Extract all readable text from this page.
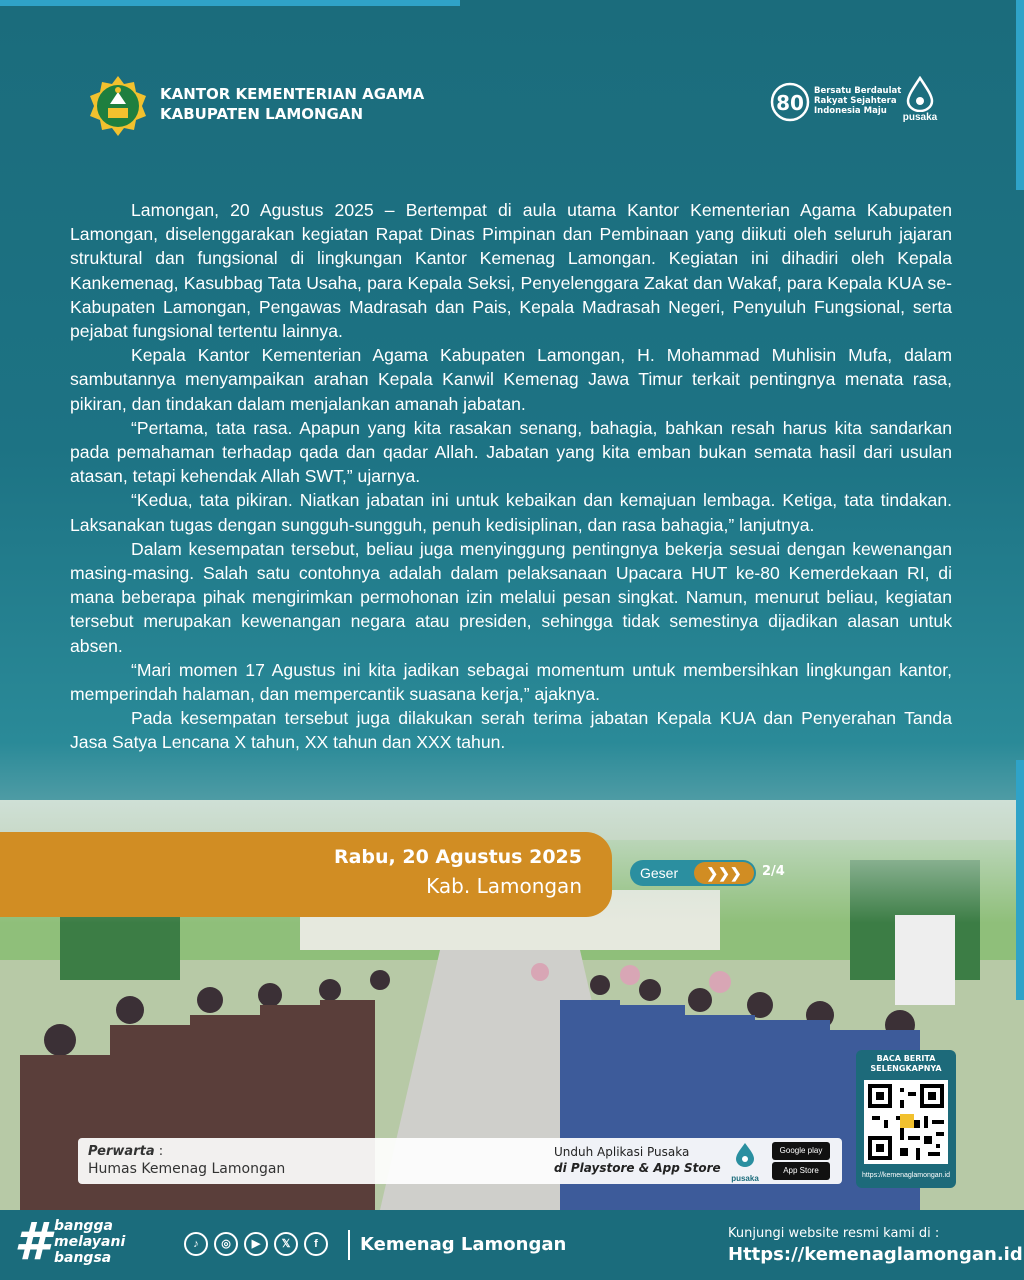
KANTOR KEMENTERIAN AGAMA
KABUPATEN LAMONGAN	80 Bersatu Berdaulat
Rakyat Sejahtera
Indonesia Maju
pusaka

Lamongan, 20 Agustus 2025 – Bertempat di aula utama Kantor Kementerian Agama Kabupaten Lamongan, diselenggarakan kegiatan Rapat Dinas Pimpinan dan Pembinaan yang diikuti oleh seluruh jajaran struktural dan fungsional di lingkungan Kantor Kemenag Lamongan. Kegiatan ini dihadiri oleh Kepala Kankemenag, Kasubbag Tata Usaha, para Kepala Seksi, Penyelenggara Zakat dan Wakaf, para Kepala KUA se-Kabupaten Lamongan, Pengawas Madrasah dan Pais, Kepala Madrasah Negeri, Penyuluh Fungsional, serta pejabat fungsional tertentu lainnya.

Kepala Kantor Kementerian Agama Kabupaten Lamongan, H. Mohammad Muhlisin Mufa, dalam sambutannya menyampaikan arahan Kepala Kanwil Kemenag Jawa Timur terkait pentingnya menata rasa, pikiran, dan tindakan dalam menjalankan amanah jabatan.

“Pertama, tata rasa. Apapun yang kita rasakan senang, bahagia, bahkan resah harus kita sandarkan pada pemahaman terhadap qada dan qadar Allah. Jabatan yang kita emban bukan semata hasil dari usulan atasan, tetapi kehendak Allah SWT,” ujarnya.

“Kedua, tata pikiran. Niatkan jabatan ini untuk kebaikan dan kemajuan lembaga. Ketiga, tata tindakan. Laksanakan tugas dengan sungguh-sungguh, penuh kedisiplinan, dan rasa bahagia,” lanjutnya.

Dalam kesempatan tersebut, beliau juga menyinggung pentingnya bekerja sesuai dengan kewenangan masing-masing. Salah satu contohnya adalah dalam pelaksanaan Upacara HUT ke-80 Kemerdekaan RI, di mana beberapa pihak mengirimkan permohonan izin melalui pesan singkat. Namun, menurut beliau, kegiatan tersebut merupakan kewenangan negara atau presiden, sehingga tidak semestinya dijadikan alasan untuk absen.

“Mari momen 17 Agustus ini kita jadikan sebagai momentum untuk membersihkan lingkungan kantor, memperindah halaman, dan mempercantik suasana kerja,” ajaknya.

Pada kesempatan tersebut juga dilakukan serah terima jabatan Kepala KUA dan Penyerahan Tanda Jasa Satya Lencana X tahun, XX tahun dan XXX tahun.

Rabu, 20 Agustus 2025
Kab. Lamongan
Geser	❯❯❯	2/4
BACA BERITA
SELENGKAPNYA
https://kemenaglamongan.id
Perwarta :
Humas Kemenag Lamongan
Unduh Aplikasi Pusaka
di Playstore & App Store
pusaka
Google play
App Store
# bangga
melayani
bangsa
♪	◎	▶	𝕏	f	Kemenag Lamongan
Kunjungi website resmi kami di :
Https://kemenaglamongan.id
